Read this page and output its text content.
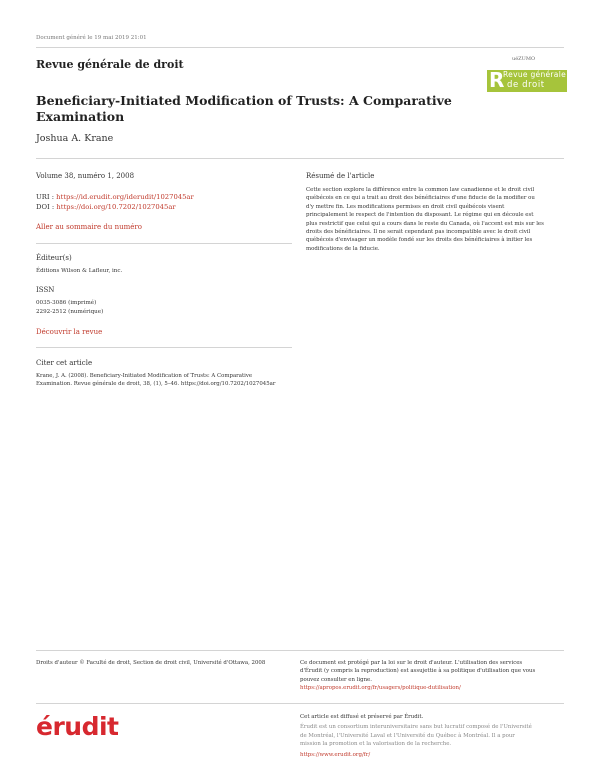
Document généré le 19 mai 2019 21:01
Revue générale de droit	uéZUMO
R
Revue générale
de droit
Beneficiary-Initiated Modification of Trusts: A Comparative Examination
Joshua A. Krane
Volume 38, numéro 1, 2008
URI : https://id.erudit.org/iderudit/1027045ar
DOI : https://doi.org/10.7202/1027045ar
Aller au sommaire du numéro
Éditeur(s)
Éditions Wilson & Lafleur, inc.
ISSN
0035-3086 (imprimé)
2292-2512 (numérique)
Découvrir la revue
Citer cet article
Krane, J. A. (2008). Beneficiary-Initiated Modification of Trusts: A Comparative
Examination. Revue générale de droit, 38, (1), 5–46. https://doi.org/10.7202/1027045ar
Résumé de l'article
Cette section explore la différence entre la common law canadienne et le droit civil
québécois en ce qui a trait au droit des bénéficiaires d'une fiducie de la modifier ou
d'y mettre fin. Les modifications permises en droit civil québécois visent
principalement le respect de l'intention du disposant. Le régime qui en découle est
plus restrictif que celui qui a cours dans le reste du Canada, où l'accent est mis sur les
droits des bénéficiaires. Il ne serait cependant pas incompatible avec le droit civil
québécois d'envisager un modèle fondé sur les droits des bénéficiaires à initier les
modifications de la fiducie.
Droits d'auteur © Faculté de droit, Section de droit civil, Université d'Ottawa, 2008	Ce document est protégé par la loi sur le droit d'auteur. L'utilisation des services
d'Érudit (y compris la reproduction) est assujettie à sa politique d'utilisation que vous
pouvez consulter en ligne.
https://apropos.erudit.org/fr/usagers/politique-dutilisation/
érudit	Cet article est diffusé et préservé par Érudit.
Érudit est un consortium interuniversitaire sans but lucratif composé de l'Université
de Montréal, l'Université Laval et l'Université du Québec à Montréal. Il a pour
mission la promotion et la valorisation de la recherche.
https://www.erudit.org/fr/
